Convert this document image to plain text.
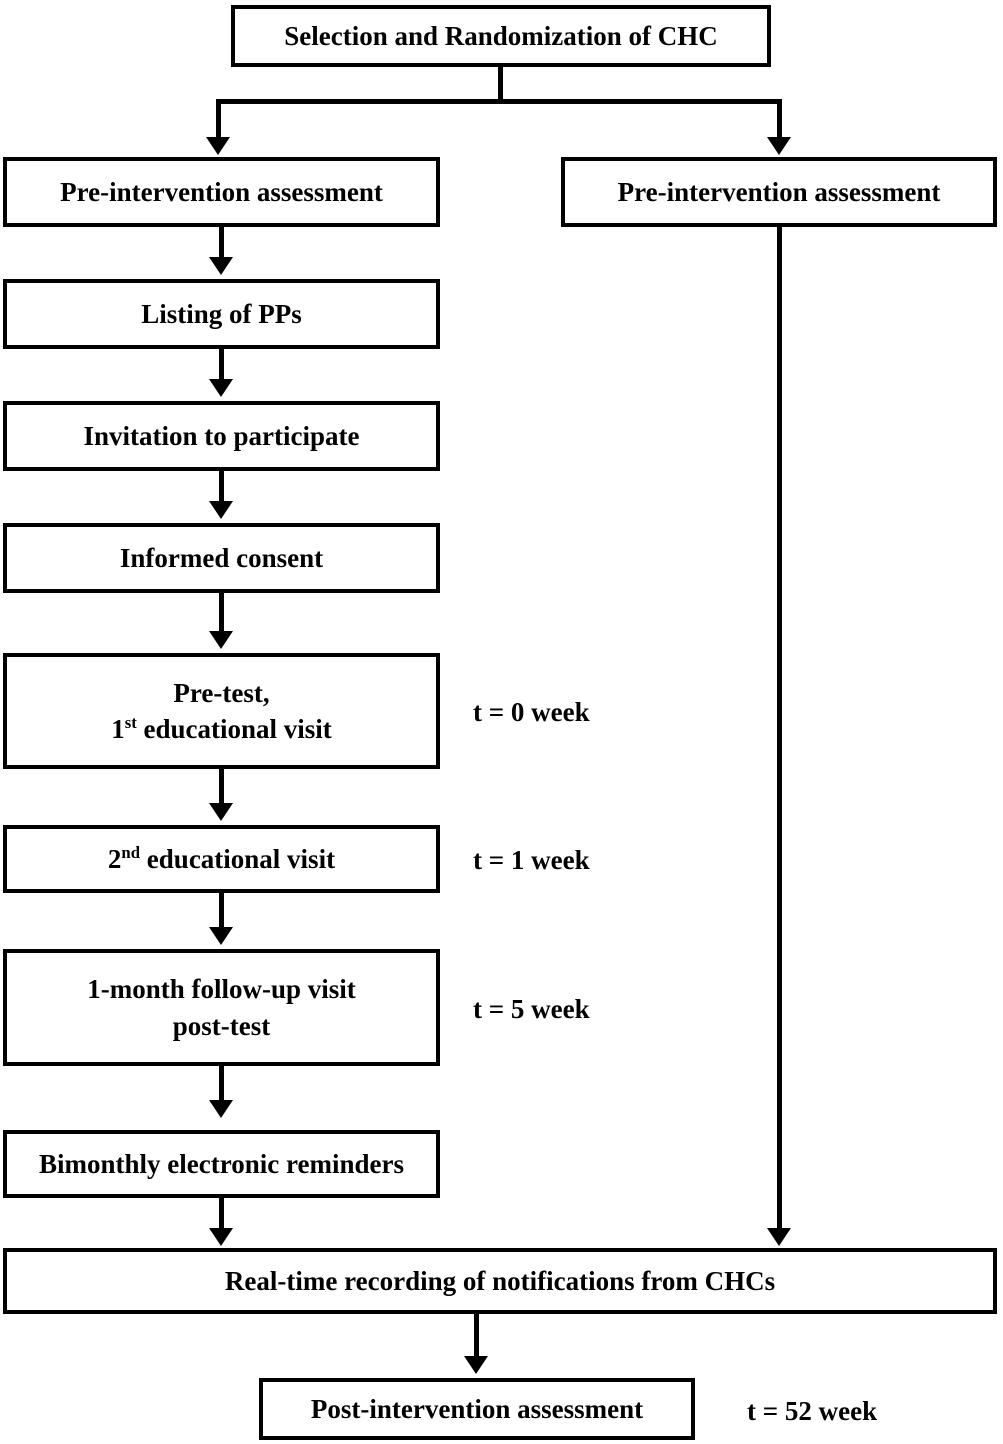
Selection and Randomization of CHC
Pre-intervention assessment
Listing of PPs
Invitation to participate
Informed consent
Pre-test,
1st educational visit
t = 0 week
2nd educational visit	t = 1 week
1-month follow-up visit
post-test
t = 5 week
Bimonthly electronic reminders
Pre-intervention assessment
Real-time recording of notifications from CHCs
Post-intervention assessment	t = 52 week
